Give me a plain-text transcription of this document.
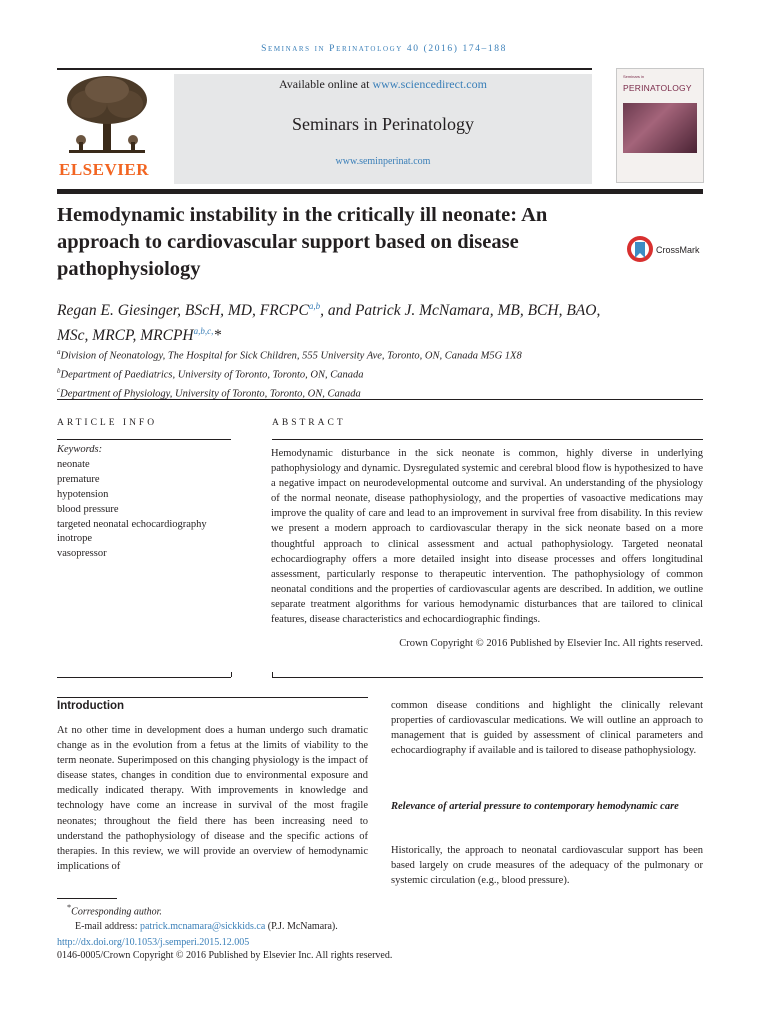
Seminars in Perinatology 40 (2016) 174–188
ELSEVIER
Available online at www.sciencedirect.com
Seminars in Perinatology
www.seminperinat.com
Seminars in
PERINATOLOGY
Hemodynamic instability in the critically ill neonate: An approach to cardiovascular support based on disease pathophysiology
CrossMark
Regan E. Giesinger, BScH, MD, FRCPC$^{a,b}$, and Patrick J. McNamara, MB, BCH, BAO, MSc, MRCP, $MRCPH^{a,b,c,}*$
$^a$Division of Neonatology, The Hospital for Sick Children, 555 University Ave, Toronto, ON, Canada M5G 1X8
$^b$Department of Paediatrics, University of Toronto, Toronto, ON, Canada
$^c$Department of Physiology, University of Toronto, Toronto, ON, Canada
ARTICLE INFO	ABSTRACT
Keywords:
neonate
premature
hypotension
blood pressure
targeted neonatal echocardiography
inotrope
vasopressor
Hemodynamic disturbance in the sick neonate is common, highly diverse in underlying pathophysiology and dynamic. Dysregulated systemic and cerebral blood flow is hypothesized to have a negative impact on neurodevelopmental outcome and survival. An understanding of the physiology of the normal neonate, disease pathophysiology, and the properties of vasoactive medications may improve the quality of care and lead to an improvement in survival free from disability. In this review we present a modern approach to cardiovascular therapy in the sick neonate based on a more thoughtful approach to clinical assessment and actual pathophysiology. Targeted neonatal echocardiography offers a more detailed insight into disease processes and offers longitudinal assessment, particularly response to therapeutic intervention. The pathophysiology of common neonatal conditions and the properties of cardiovascular agents are described. In addition, we outline separate treatment algorithms for various hemodynamic disturbances that are tailored to clinical features, disease characteristics and echocardiographic findings.
Crown Copyright © 2016 Published by Elsevier Inc. All rights reserved.
Introduction
At no other time in development does a human undergo such dramatic change as in the evolution from a fetus at the limits of viability to the term neonate. Superimposed on this changing physiology is the impact of disease states, changes in condition due to environmental exposure and medically indicated therapy. With improvements in knowledge and technology have come an increase in survival of the most fragile neonates; throughout the field there has been increasing need to understand the pathophysiology of disease and the specific actions of therapies. In this review, we will provide an overview of hemodynamic implications of
common disease conditions and highlight the clinically relevant properties of cardiovascular medications. We will outline an approach to management that is guided by assessment of clinical parameters and echocardiography if available and is tailored to disease pathophysiology.
Relevance of arterial pressure to contemporary hemodynamic care
Historically, the approach to neonatal cardiovascular support has been based largely on crude measures of the adequacy of the pulmonary or systemic circulation (e.g., blood pressure).
*Corresponding author.
E-mail address: patrick.mcnamara@sickkids.ca (P.J. McNamara).
http://dx.doi.org/10.1053/j.semperi.2015.12.005
0146-0005/Crown Copyright © 2016 Published by Elsevier Inc. All rights reserved.
